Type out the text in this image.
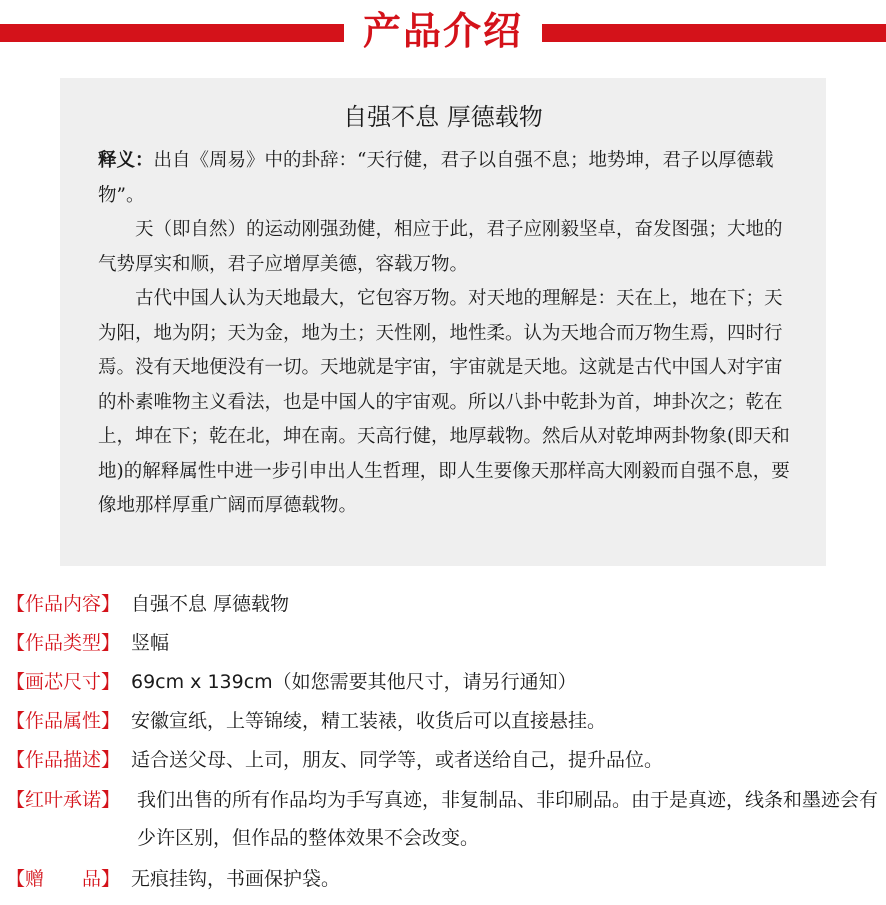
产品介绍
自强不息 厚德载物

释义：出自《周易》中的卦辞：“天行健，君子以自强不息；地势坤，君子以厚德载物”。

天（即自然）的运动刚强劲健，相应于此，君子应刚毅坚卓，奋发图强；大地的气势厚实和顺，君子应增厚美德，容载万物。

古代中国人认为天地最大，它包容万物。对天地的理解是：天在上，地在下；天为阳，地为阴；天为金，地为土；天性刚，地性柔。认为天地合而万物生焉，四时行焉。没有天地便没有一切。天地就是宇宙，宇宙就是天地。这就是古代中国人对宇宙的朴素唯物主义看法，也是中国人的宇宙观。所以八卦中乾卦为首，坤卦次之；乾在上，坤在下；乾在北，坤在南。天高行健，地厚载物。然后从对乾坤两卦物象(即天和地)的解释属性中进一步引申出人生哲理，即人生要像天那样高大刚毅而自强不息，要像地那样厚重广阔而厚德载物。

【作品内容】 自强不息 厚德载物
【作品类型】 竖幅
【画芯尺寸】 69cm x 139cm（如您需要其他尺寸，请另行通知）
【作品属性】 安徽宣纸，上等锦绫，精工装裱，收货后可以直接悬挂。
【作品描述】 适合送父母、上司，朋友、同学等，或者送给自己，提升品位。
【红叶承诺】 我们出售的所有作品均为手写真迹，非复制品、非印刷品。由于是真迹，线条和墨迹会有少许区别，但作品的整体效果不会改变。
【赠　　品】 无痕挂钩，书画保护袋。
